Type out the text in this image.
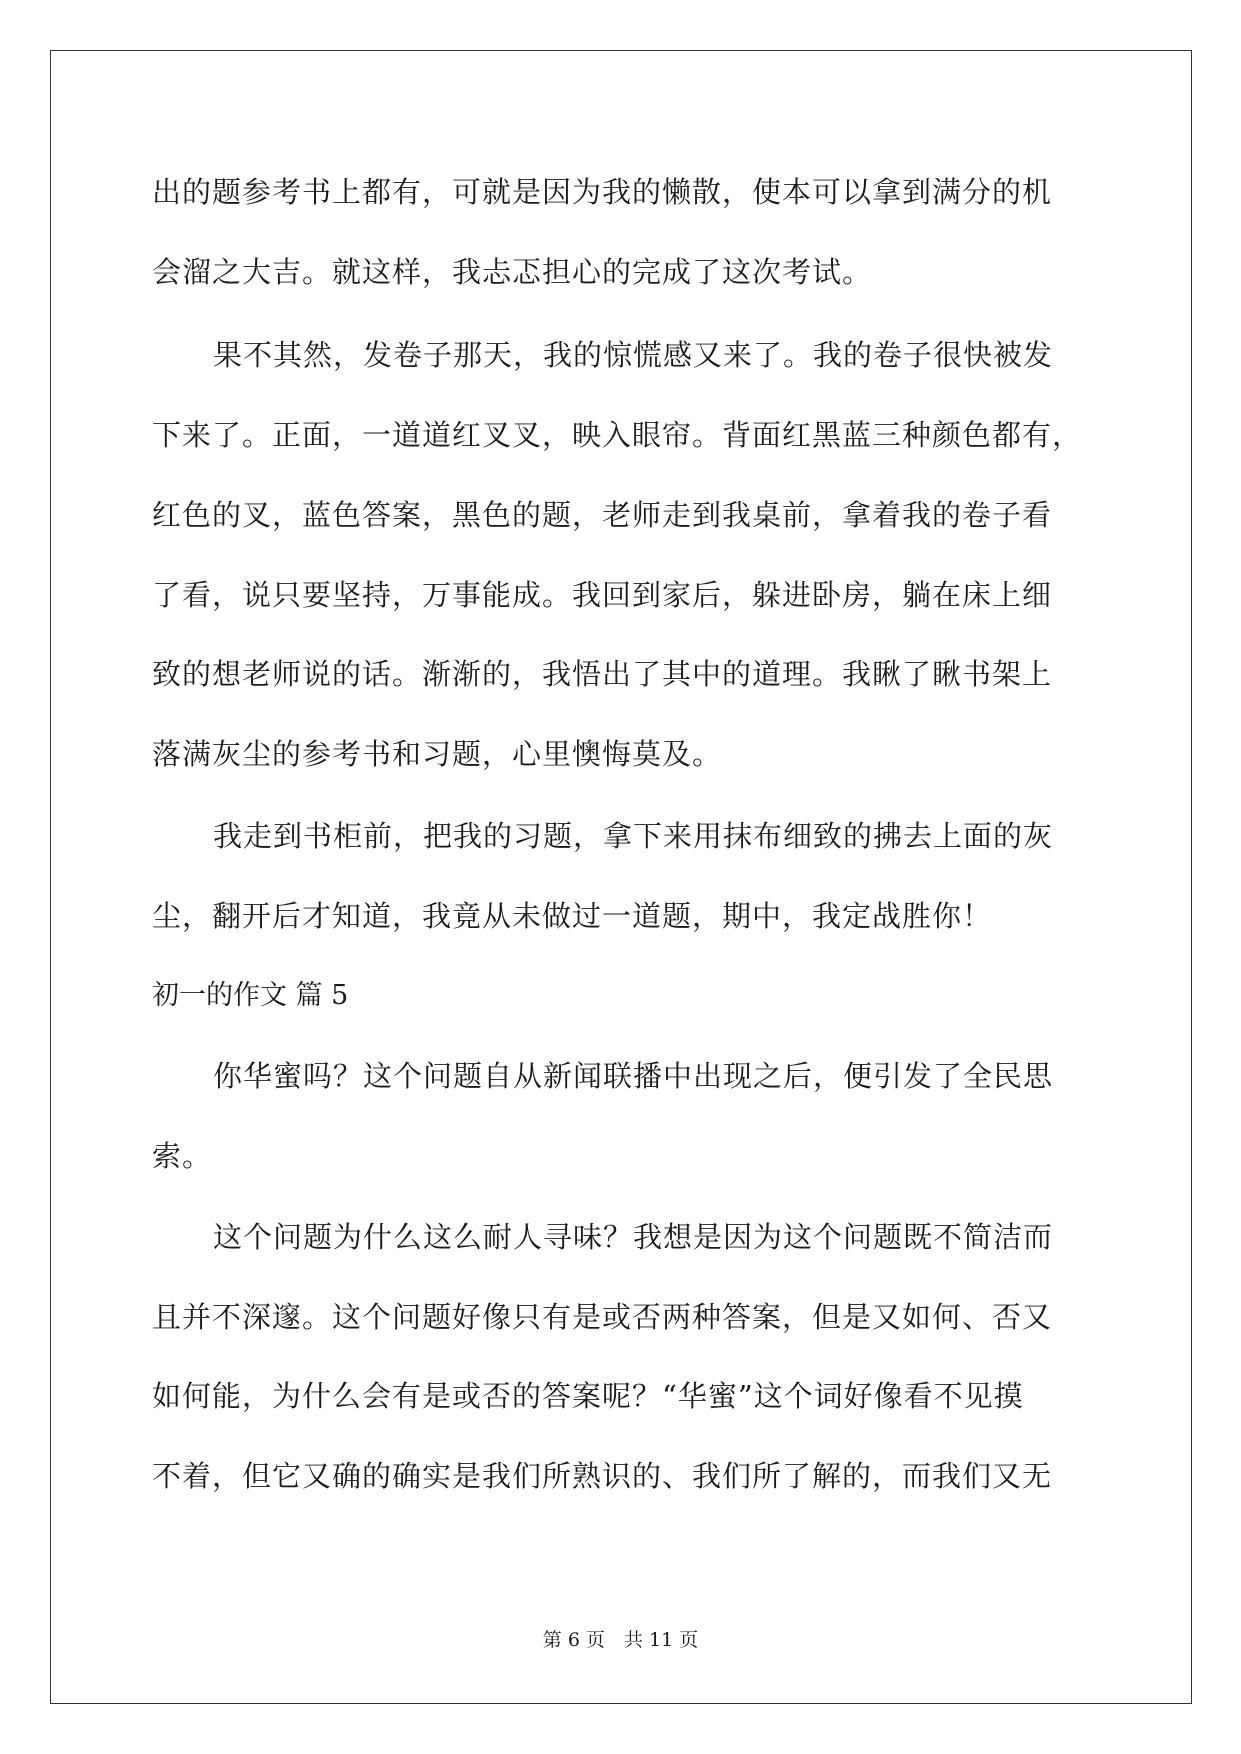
出的题参考书上都有，可就是因为我的懒散，使本可以拿到满分的机
会溜之大吉。就这样，我忐忑担心的完成了这次考试。
果不其然，发卷子那天，我的惊慌感又来了。我的卷子很快被发
下来了。正面，一道道红叉叉，映入眼帘。背面红黑蓝三种颜色都有，
红色的叉，蓝色答案，黑色的题，老师走到我桌前，拿着我的卷子看
了看，说只要坚持，万事能成。我回到家后，躲进卧房，躺在床上细
致的想老师说的话。渐渐的，我悟出了其中的道理。我瞅了瞅书架上
落满灰尘的参考书和习题，心里懊悔莫及。
我走到书柜前，把我的习题，拿下来用抹布细致的拂去上面的灰
尘，翻开后才知道，我竟从未做过一道题，期中，我定战胜你！
初一的作文 篇 5
你华蜜吗？这个问题自从新闻联播中出现之后，便引发了全民思
索。
这个问题为什么这么耐人寻味？我想是因为这个问题既不简洁而
且并不深邃。这个问题好像只有是或否两种答案，但是又如何、否又
如何能，为什么会有是或否的答案呢？“华蜜”这个词好像看不见摸
不着，但它又确的确实是我们所熟识的、我们所了解的，而我们又无
第 6 页　共 11 页
